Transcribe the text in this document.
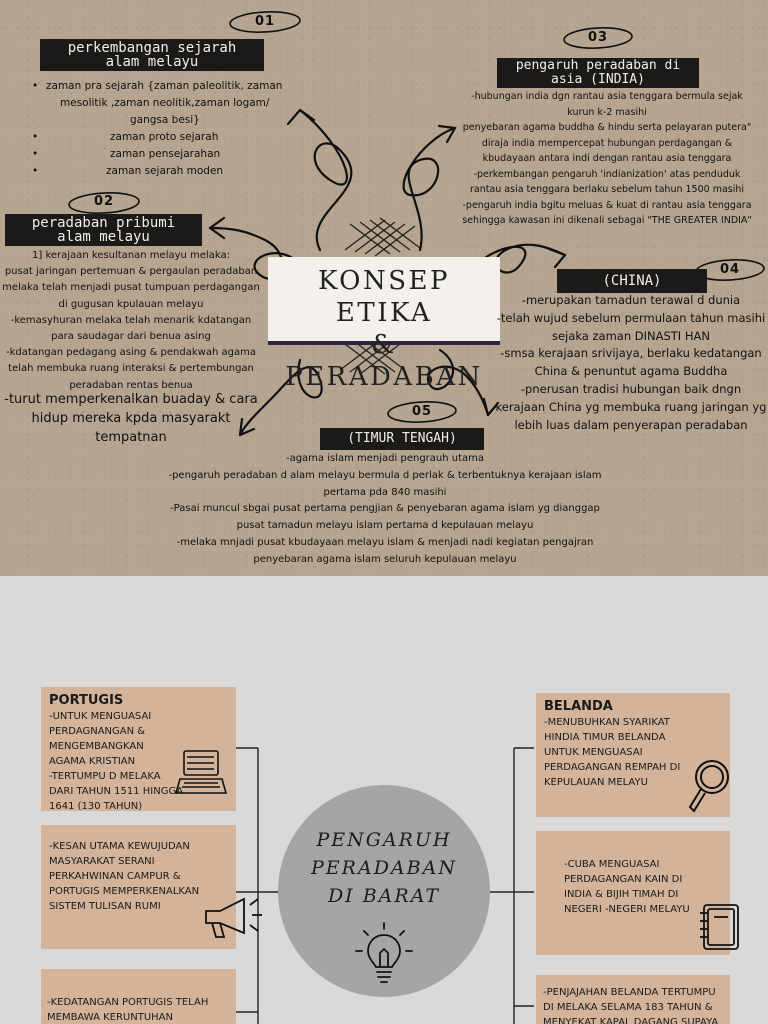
KONSEP ETIKA
& PERADABAN
01
perkembangan sejarah
alam melayu
• zaman pra sejarah {zaman paleolitik, zaman
mesolitik ,zaman neolitik,zaman logam/
gangsa besi}
•	zaman proto sejarah
•	zaman pensejarahan
•	zaman sejarah moden
02
peradaban pribumi
alam melayu
1] kerajaan kesultanan melayu melaka:
pusat jaringan pertemuan & pergaulan peradaban
melaka telah menjadi pusat tumpuan perdagangan
di gugusan kpulauan melayu
-kemasyhuran melaka telah menarik kdatangan
para saudagar dari benua asing
-kdatangan pedagang asing & pendakwah agama
telah membuka ruang interaksi & pertembungan
peradaban rentas benua
-turut memperkenalkan buaday & cara
hidup mereka kpda masyarakt
tempatnan
03
pengaruh peradaban di
asia (INDIA)
-hubungan india dgn rantau asia tenggara bermula sejak
kurun k-2 masihi
penyebaran agama buddha & hindu serta pelayaran putera"
diraja india mempercepat hubungan perdagangan &
kbudayaan antara indi dengan rantau asia tenggara
-perkembangan pengaruh 'indianization' atas penduduk
rantau asia tenggara berlaku sebelum tahun 1500 masihi
-pengaruh india bgitu meluas & kuat di rantau asia tenggara
sehingga kawasan ini dikenali sebagai "THE GREATER INDIA"
04
(CHINA)
-merupakan tamadun terawal d dunia
-telah wujud sebelum permulaan tahun masihi
sejaka zaman DINASTI HAN
-smsa kerajaan srivijaya, berlaku kedatangan
China & penuntut agama Buddha
-pnerusan tradisi hubungan baik dngn
kerajaan China yg membuka ruang jaringan yg
lebih luas dalam penyerapan peradaban
05
(TIMUR TENGAH)
-agama islam menjadi pengrauh utama
-pengaruh peradaban d alam melayu bermula d perlak & terbentuknya kerajaan islam
pertama pda 840 masihi
-Pasai muncul sbgai pusat pertama pengjian & penyebaran agama islam yg dianggap
pusat tamadun melayu islam pertama d kepulauan melayu
-melaka mnjadi pusat kbudayaan melayu islam & menjadi nadi kegiatan pengajran
penyebaran agama islam seluruh kepulauan melayu
PORTUGIS
-UNTUK MENGUASAI
PERDAGNANGAN &
MENGEMBANGKAN
AGAMA KRISTIAN
-TERTUMPU D MELAKA
DARI TAHUN 1511 HINGGA
1641 (130 TAHUN)
-KESAN UTAMA KEWUJUDAN
MASYARAKAT SERANI
PERKAHWINAN CAMPUR &
PORTUGIS MEMPERKENALKAN
SISTEM TULISAN RUMI
-KEDATANGAN PORTUGIS TELAH
MEMBAWA KERUNTUHAN
PENGARUH
PERADABAN
DI BARAT
BELANDA
-MENUBUHKAN SYARIKAT
HINDIA TIMUR BELANDA
UNTUK MENGUASAI
PERDAGANGAN REMPAH DI
KEPULAUAN MELAYU
-CUBA MENGUASAI
PERDAGANGAN KAIN DI
INDIA & BIJIH TIMAH DI
NEGERI -NEGERI MELAYU
-PENJAJAHAN BELANDA TERTUMPU
DI MELAKA SELAMA 183 TAHUN &
MENYEKAT KAPAL DAGANG SUPAYA
